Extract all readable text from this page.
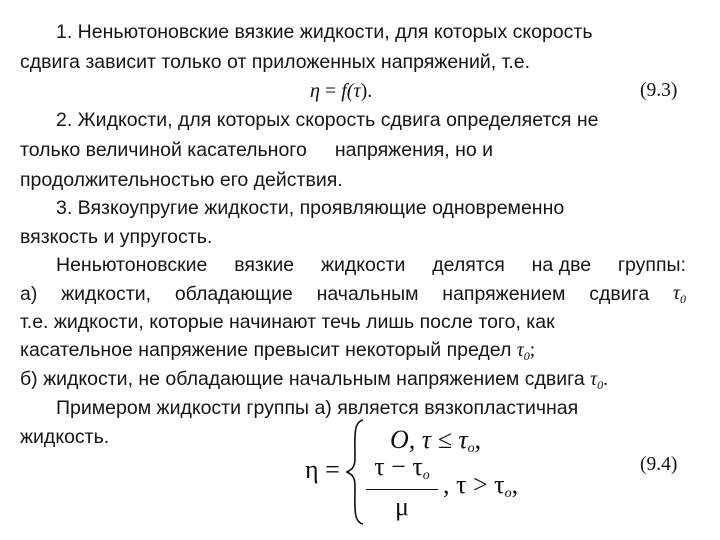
1. Неньютоновские вязкие жидкости, для которых скорость
сдвига зависит только от приложенных напряжений, т.е.
η = f(τ).	(9.3)
2. Жидкости, для которых скорость сдвига определяется не
только величиной касательного напряжения, но и
продолжительностью его действия.
3. Вязкоупругие жидкости, проявляющие одновременно
вязкость и упругость.
Неньютоновские вязкие жидкости делятся на две группы:
а) жидкости, обладающие начальным напряжением сдвига $\tau_0$
т.е. жидкости, которые начинают течь лишь после того, как
касательное напряжение превысит некоторый предел $\tau_0$;
б) жидкости, не обладающие начальным напряжением сдвига $\tau_0$.
Примером жидкости группы а) является вязкопластичная
жидкость.
η =
O, τ ≤ τo,
τ − τo
μ
, τ > τo,
(9.4)
